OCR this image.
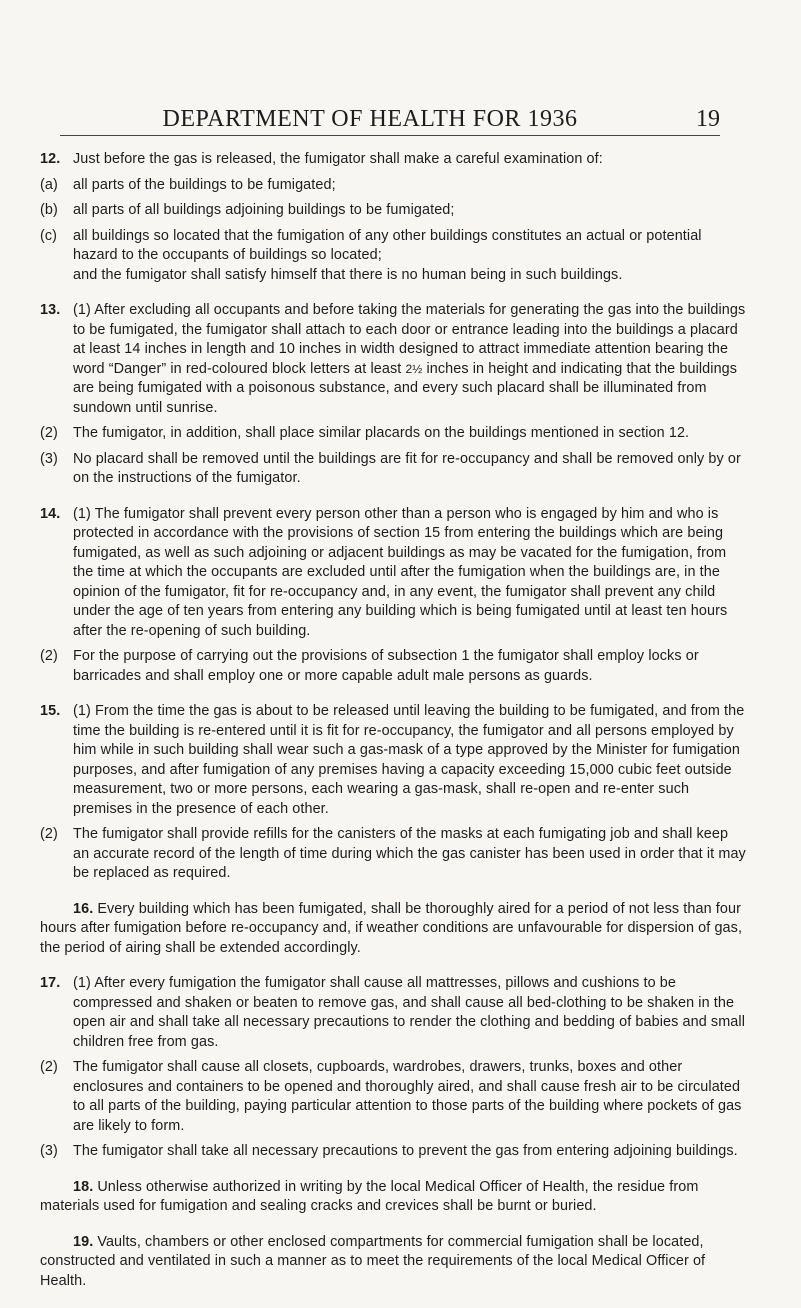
DEPARTMENT OF HEALTH FOR 1936	19

12. Just before the gas is released, the fumigator shall make a careful examination of:

(a) all parts of the buildings to be fumigated;

(b) all parts of all buildings adjoining buildings to be fumigated;

(c) all buildings so located that the fumigation of any other buildings constitutes an actual or potential hazard to the occupants of buildings so located;
and the fumigator shall satisfy himself that there is no human being in such buildings.

13. (1) After excluding all occupants and before taking the materials for generating the gas into the buildings to be fumigated, the fumigator shall attach to each door or entrance leading into the buildings a placard at least 14 inches in length and 10 inches in width designed to attract immediate attention bearing the word “Danger” in red-coloured block letters at least 2½ inches in height and indicating that the buildings are being fumigated with a poisonous substance, and every such placard shall be illuminated from sundown until sunrise.

(2) The fumigator, in addition, shall place similar placards on the buildings mentioned in section 12.

(3) No placard shall be removed until the buildings are fit for re-occupancy and shall be removed only by or on the instructions of the fumigator.

14. (1) The fumigator shall prevent every person other than a person who is engaged by him and who is protected in accordance with the provisions of section 15 from entering the buildings which are being fumigated, as well as such adjoining or adjacent buildings as may be vacated for the fumigation, from the time at which the occupants are excluded until after the fumigation when the buildings are, in the opinion of the fumigator, fit for re-occupancy and, in any event, the fumigator shall prevent any child under the age of ten years from entering any building which is being fumigated until at least ten hours after the re-opening of such building.

(2) For the purpose of carrying out the provisions of subsection 1 the fumigator shall employ locks or barricades and shall employ one or more capable adult male persons as guards.

15. (1) From the time the gas is about to be released until leaving the building to be fumigated, and from the time the building is re-entered until it is fit for re-occupancy, the fumigator and all persons employed by him while in such building shall wear such a gas-mask of a type approved by the Minister for fumigation purposes, and after fumigation of any premises having a capacity exceeding 15,000 cubic feet outside measurement, two or more persons, each wearing a gas-mask, shall re-open and re-enter such premises in the presence of each other.

(2) The fumigator shall provide refills for the canisters of the masks at each fumigating job and shall keep an accurate record of the length of time during which the gas canister has been used in order that it may be replaced as required.

16. Every building which has been fumigated, shall be thoroughly aired for a period of not less than four hours after fumigation before re-occupancy and, if weather conditions are unfavourable for dispersion of gas, the period of airing shall be extended accordingly.

17. (1) After every fumigation the fumigator shall cause all mattresses, pillows and cushions to be compressed and shaken or beaten to remove gas, and shall cause all bed-clothing to be shaken in the open air and shall take all necessary precautions to render the clothing and bedding of babies and small children free from gas.

(2) The fumigator shall cause all closets, cupboards, wardrobes, drawers, trunks, boxes and other enclosures and containers to be opened and thoroughly aired, and shall cause fresh air to be circulated to all parts of the building, paying particular attention to those parts of the building where pockets of gas are likely to form.

(3) The fumigator shall take all necessary precautions to prevent the gas from entering adjoining buildings.

18. Unless otherwise authorized in writing by the local Medical Officer of Health, the residue from materials used for fumigation and sealing cracks and crevices shall be burnt or buried.

19. Vaults, chambers or other enclosed compartments for commercial fumigation shall be located, constructed and ventilated in such a manner as to meet the requirements of the local Medical Officer of Health.
